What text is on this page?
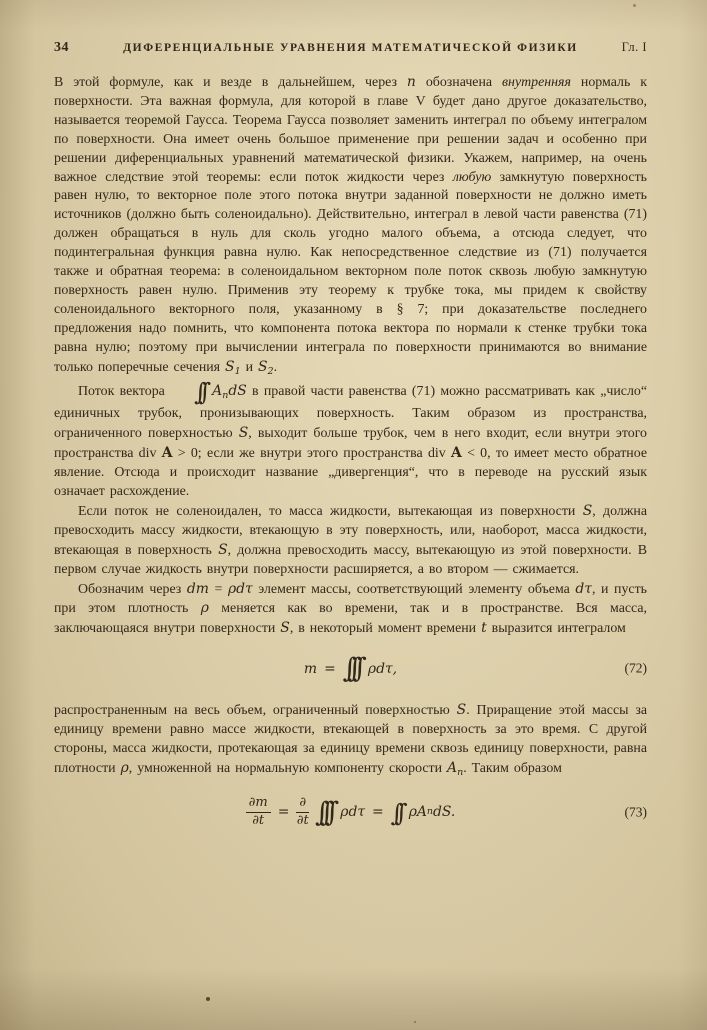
34	ДИФЕРЕНЦИАЛЬНЫЕ УРАВНЕНИЯ МАТЕМАТИЧЕСКОЙ ФИЗИКИ	Гл. I

В этой формуле, как и везде в дальнейшем, через n обозначена внутренняя нормаль к поверхности. Эта важная формула, для которой в главе V будет дано другое доказательство, называется теоремой Гаусса. Теорема Гаусса позволяет заменить интеграл по объему интегралом по поверхности. Она имеет очень большое применение при решении задач и особенно при решении диференциальных уравнений математической физики. Укажем, например, на очень важное следствие этой теоремы: если поток жидкости через любую замкнутую поверхность равен нулю, то векторное поле этого потока внутри заданной поверхности не должно иметь источников (должно быть соленоидально). Действительно, интеграл в левой части равенства (71) должен обращаться в нуль для сколь угодно малого объема, а отсюда следует, что подинтегральная функция равна нулю. Как непосредственное следствие из (71) получается также и обратная теорема: в соленоидальном векторном поле поток сквозь любую замкнутую поверхность равен нулю. Применив эту теорему к трубке тока, мы придем к свойству соленоидального векторного поля, указанному в § 7; при доказательстве последнего предложения надо помнить, что компонента потока вектора по нормали к стенке трубки тока равна нулю; поэтому при вычислении интеграла по поверхности принимаются во внимание только поперечные сечения $S_1$ и $S_2$.

Поток вектора ∫∫ $A_ndS$ в правой части равенства (71) можно рассматривать как „число“ единичных трубок, пронизывающих поверхность. Таким образом из пространства, ограниченного поверхностью S, выходит больше трубок, чем в него входит, если внутри этого пространства div A > 0; если же внутри этого пространства div A < 0, то имеет место обратное явление. Отсюда и происходит название „дивергенция“, что в переводе на русский язык означает расхождение.

Если поток не соленоидален, то масса жидкости, вытекающая из поверхности S, должна превосходить массу жидкости, втекающую в эту поверхность, или, наоборот, масса жидкости, втекающая в поверхность S, должна превосходить массу, вытекающую из этой поверхности. В первом случае жидкость внутри поверхности расширяется, а во втором — сжимается.

Обозначим через dm = ρdτ элемент массы, соответствующий элементу объема dτ, и пусть при этом плотность ρ меняется как во времени, так и в пространстве. Вся масса, заключающаяся внутри поверхности S, в некоторый момент времени t выразится интегралом

m = ∫∫∫ ρdτ,	(72)

распространенным на весь объем, ограниченный поверхностью S. Приращение этой массы за единицу времени равно массе жидкости, втекающей в поверхность за это время. С другой стороны, масса жидкости, протекающая за единицу времени сквозь единицу поверхности, равна плотности ρ, умноженной на нормальную компоненту скорости $A_n$. Таким образом

$\frac{\partial m}{\partial t} = \frac{\partial}{\partial t}$ ∫∫∫ ρdτ = ∫∫ ρA n dS.	(73)
